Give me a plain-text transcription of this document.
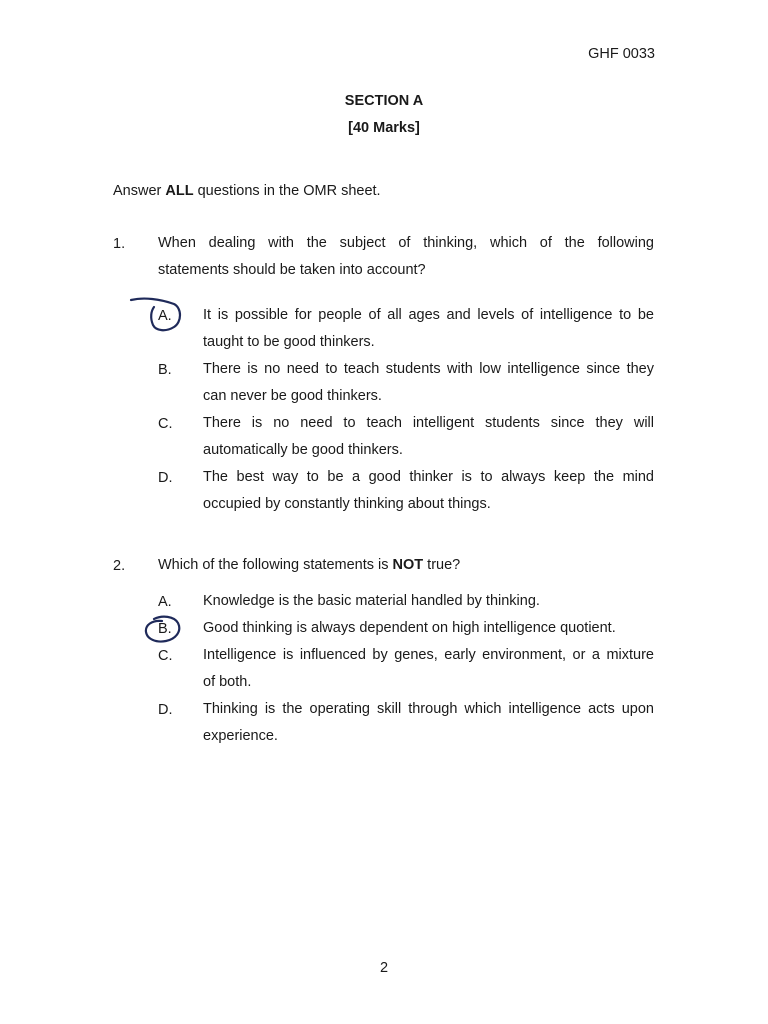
GHF 0033
SECTION A
[40 Marks]
Answer ALL questions in the OMR sheet.
1. When dealing with the subject of thinking, which of the following
statements should be taken into account?
A. It is possible for people of all ages and levels of intelligence to be
taught to be good thinkers.
B. There is no need to teach students with low intelligence since they
can never be good thinkers.
C. There is no need to teach intelligent students since they will
automatically be good thinkers.
D. The best way to be a good thinker is to always keep the mind
occupied by constantly thinking about things.
2. Which of the following statements is NOT true?
A. Knowledge is the basic material handled by thinking.
B. Good thinking is always dependent on high intelligence quotient.
C. Intelligence is influenced by genes, early environment, or a mixture
of both.
D. Thinking is the operating skill through which intelligence acts upon
experience.
2
